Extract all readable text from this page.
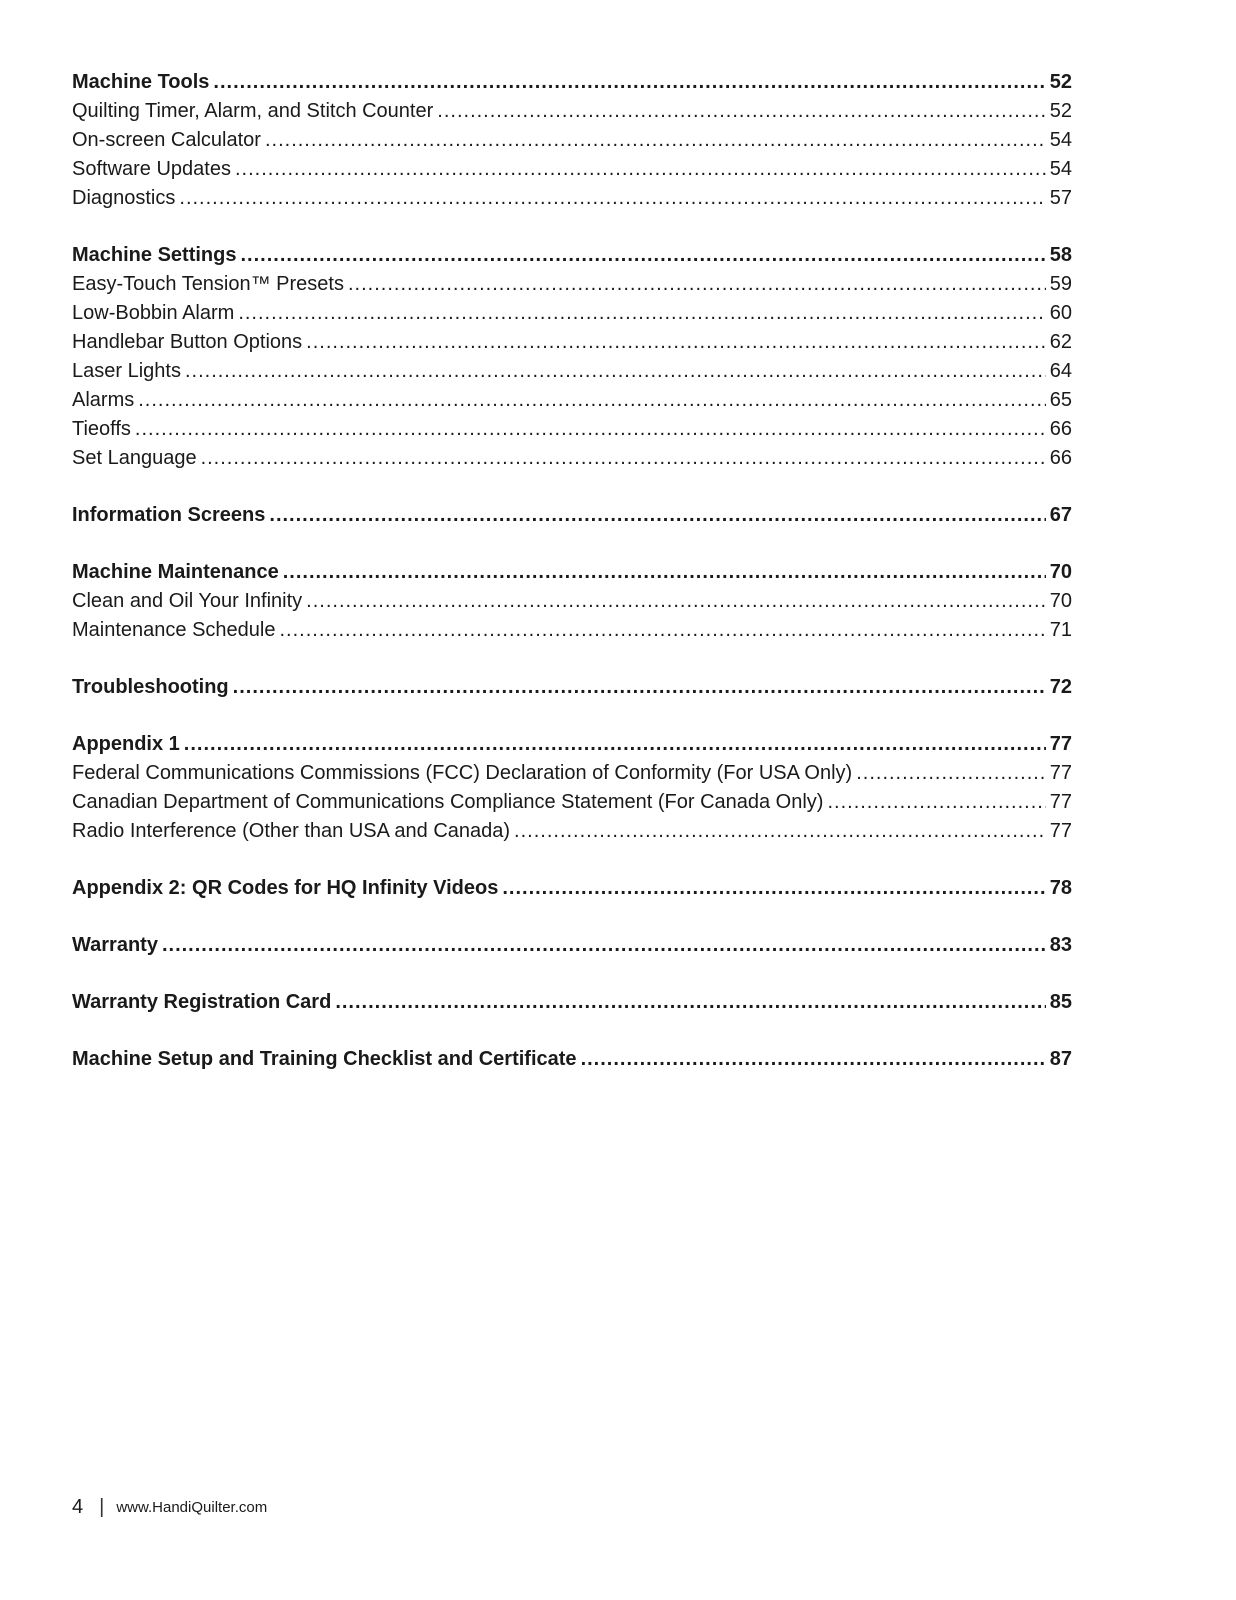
Machine Tools .....	52
Quilting Timer, Alarm, and Stitch Counter .....	52
On-screen Calculator .....	54
Software Updates .....	54
Diagnostics .....	57
Machine Settings .....	58
Easy-Touch Tension™ Presets .....	59
Low-Bobbin Alarm .....	60
Handlebar Button Options .....	62
Laser Lights .....	64
Alarms .....	65
Tieoffs .....	66
Set Language .....	66
Information Screens .....	67
Machine Maintenance .....	70
Clean and Oil Your Infinity .....	70
Maintenance Schedule .....	71
Troubleshooting .....	72
Appendix 1 .....	77
Federal Communications Commissions (FCC) Declaration of Conformity (For USA Only) .....	77
Canadian Department of Communications Compliance Statement (For Canada Only) .....	77
Radio Interference (Other than USA and Canada) .....	77
Appendix 2: QR Codes for HQ Infinity Videos .....	78
Warranty .....	83
Warranty Registration Card .....	85
Machine Setup and Training Checklist and Certificate .....	87
4 | www.HandiQuilter.com
